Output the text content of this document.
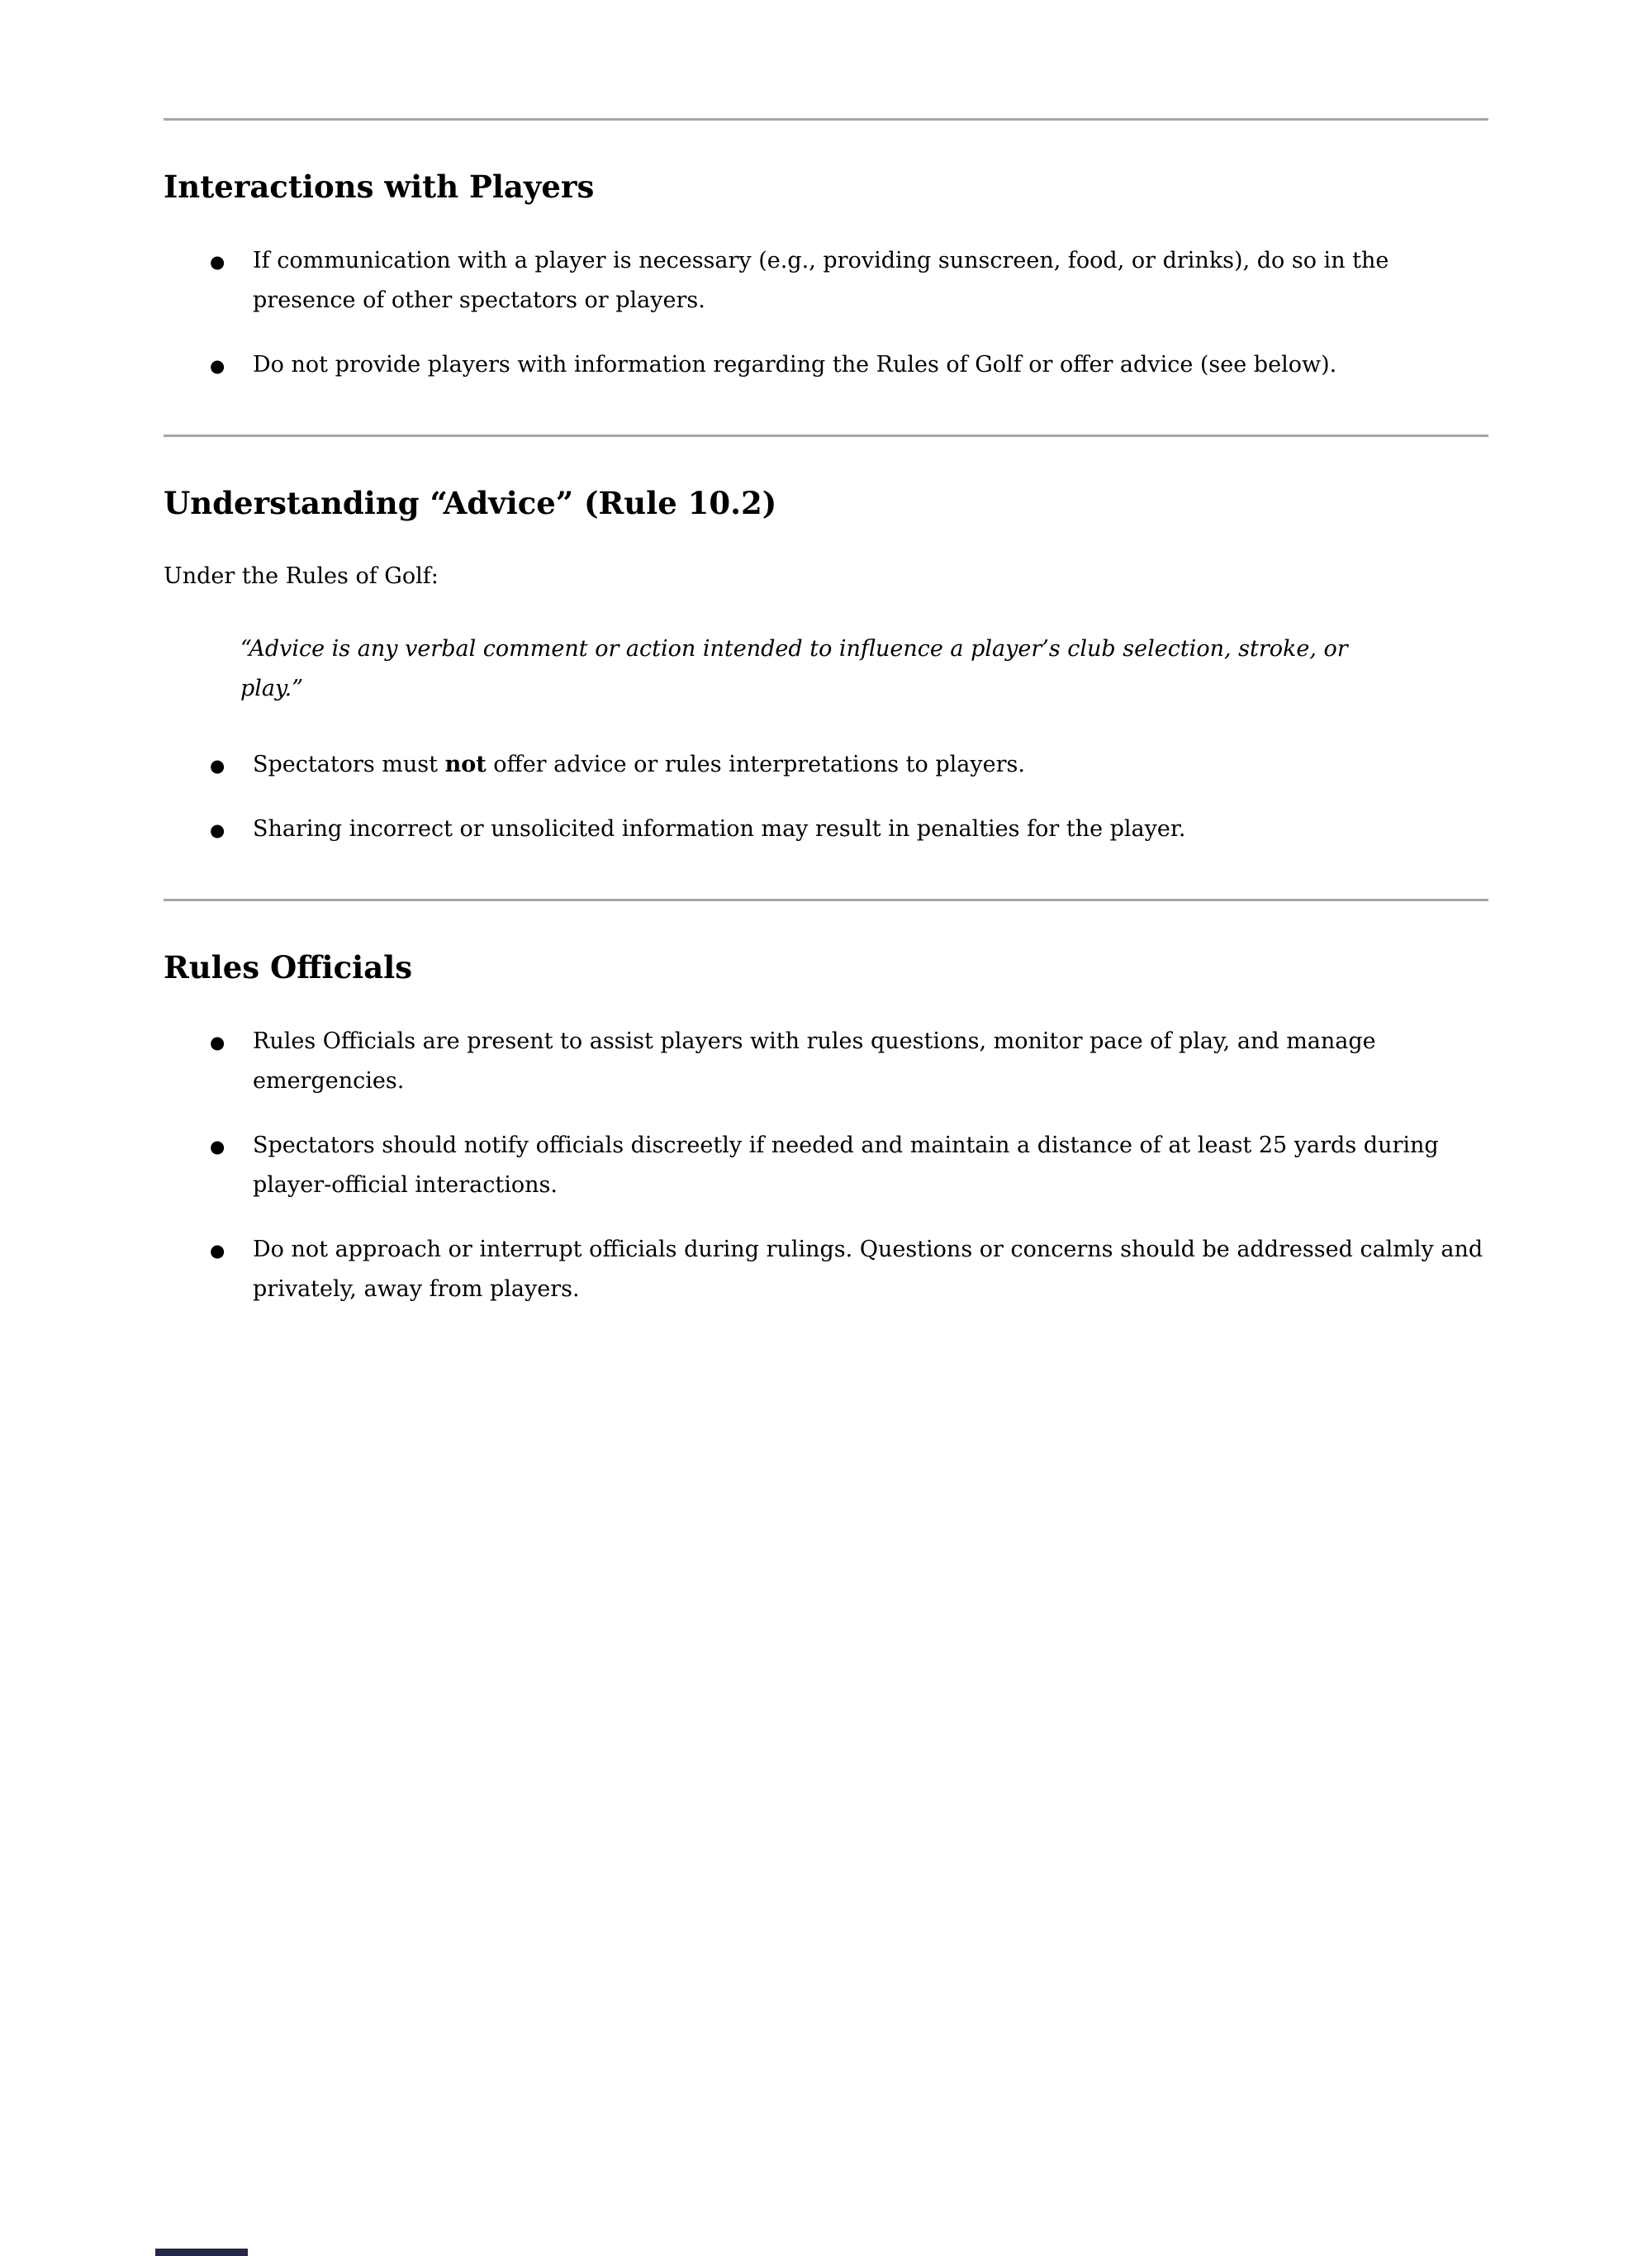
Interactions with Players
● If communication with a player is necessary (e.g., providing sunscreen, food, or drinks), do so in the presence of other spectators or players.
● Do not provide players with information regarding the Rules of Golf or offer advice (see below).
Understanding “Advice” (Rule 10.2)

Under the Rules of Golf:

“Advice is any verbal comment or action intended to influence a player’s club selection, stroke, or play.”

● Spectators must not offer advice or rules interpretations to players.
● Sharing incorrect or unsolicited information may result in penalties for the player.
Rules Officials
● Rules Officials are present to assist players with rules questions, monitor pace of play, and manage emergencies.
● Spectators should notify officials discreetly if needed and maintain a distance of at least 25 yards during player-official interactions.
● Do not approach or interrupt officials during rulings. Questions or concerns should be addressed calmly and privately, away from players.
